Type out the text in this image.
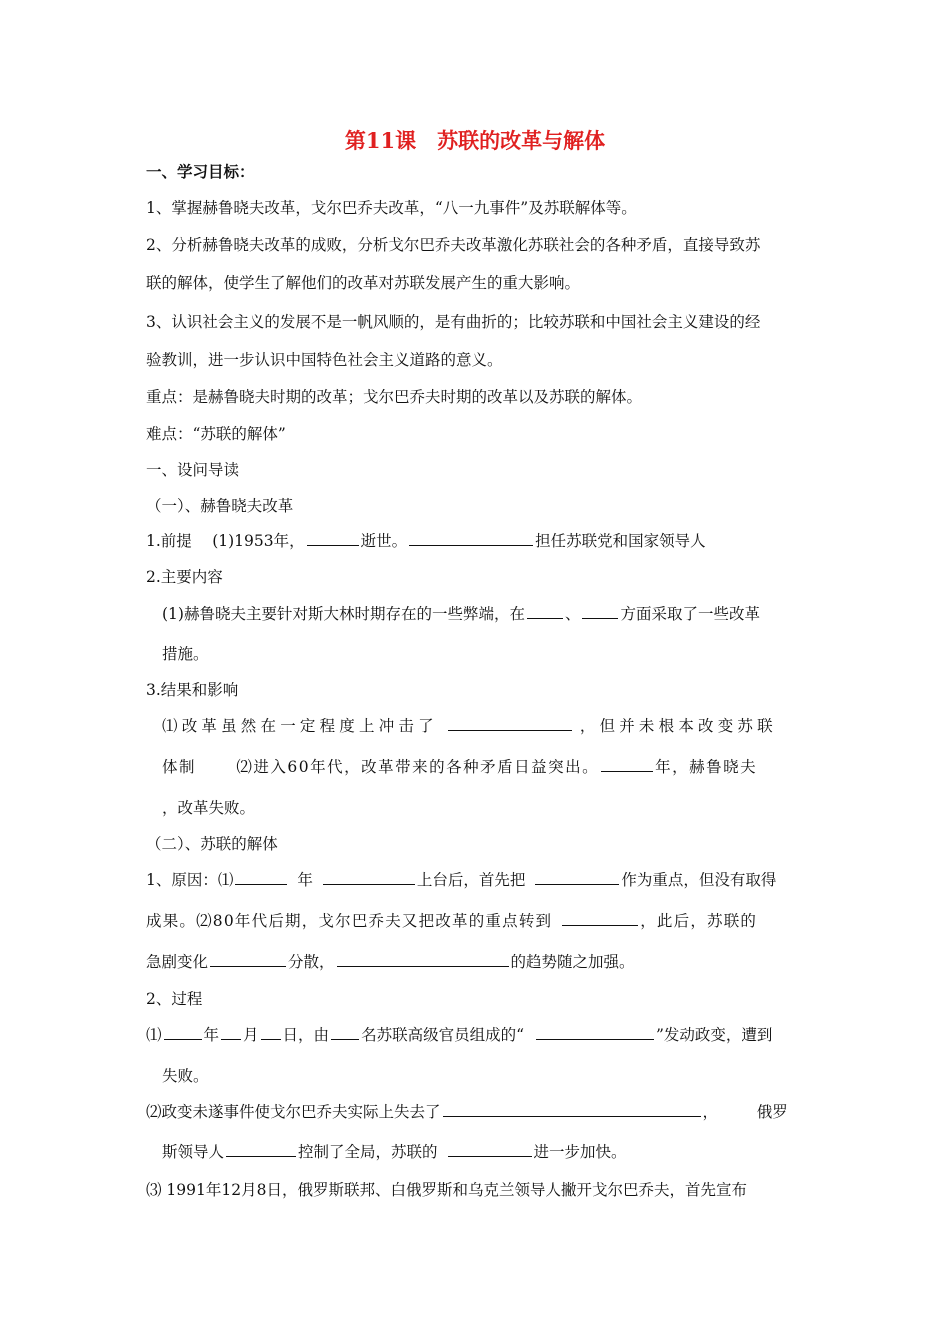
第11课　苏联的改革与解体
一、学习目标：
1、掌握赫鲁晓夫改革，戈尔巴乔夫改革，“八一九事件”及苏联解体等。
2、分析赫鲁晓夫改革的成败，分析戈尔巴乔夫改革激化苏联社会的各种矛盾，直接导致苏
联的解体，使学生了解他们的改革对苏联发展产生的重大影响。
3、认识社会主义的发展不是一帆风顺的，是有曲折的；比较苏联和中国社会主义建设的经
验教训，进一步认识中国特色社会主义道路的意义。
重点：是赫鲁晓夫时期的改革；戈尔巴乔夫时期的改革以及苏联的解体。
难点：“苏联的解体”
一、设问导读
（一）、赫鲁晓夫改革
1.前提　 (1)1953年，	逝世。	担任苏联党和国家领导人
2.主要内容
(1)赫鲁晓夫主要针对斯大林时期存在的一些弊端，在	、	方面采取了一些改革
措施。
3.结果和影响
⑴改革虽然在一定程度上冲击了	，但并未根本改变苏联
体制　　 ⑵进入60年代，改革带来的各种矛盾日益突出。	年，赫鲁晓夫
，改革失败。
（二）、苏联的解体
1、原因：⑴	年	上台后，首先把	作为重点，但没有取得
成果。⑵80年代后期，戈尔巴乔夫又把改革的重点转到	，此后，苏联的
急剧变化	分散，	的趋势随之加强。
2、过程
⑴	年 月 日，由 名苏联高级官员组成的“	”发动政变，遭到
失败。
⑵政变未遂事件使戈尔巴乔夫实际上失去了	，　　　俄罗
斯领导人	控制了全局，苏联的	进一步加快。
⑶ 1991年12月8日，俄罗斯联邦、白俄罗斯和乌克兰领导人撇开戈尔巴乔夫，首先宣布
